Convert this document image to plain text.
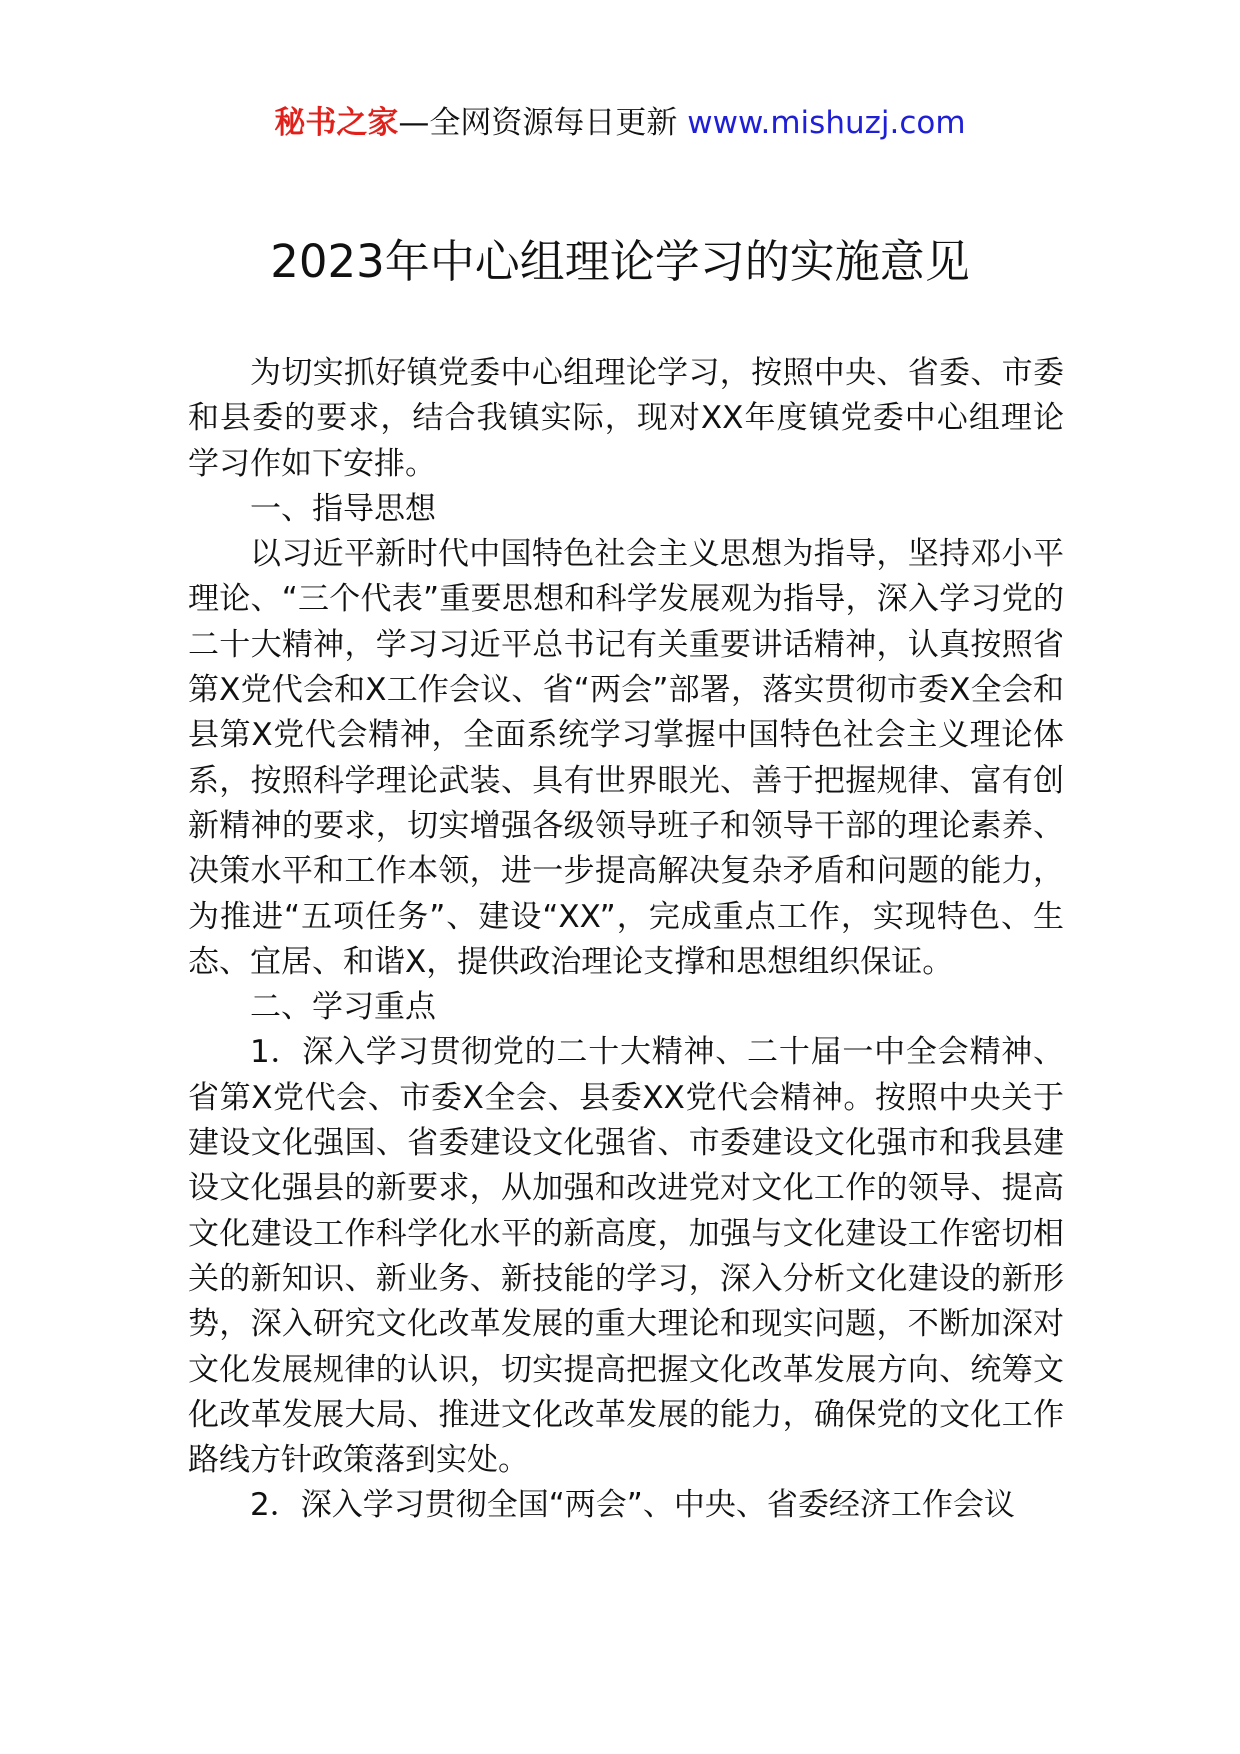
秘书之家—全网资源每日更新 www.mishuzj.com
2023年中心组理论学习的实施意见

为切实抓好镇党委中心组理论学习，按照中央、省委、市委和县委的要求，结合我镇实际，现对XX年度镇党委中心组理论学习作如下安排。

一、指导思想

以习近平新时代中国特色社会主义思想为指导，坚持邓小平理论、“三个代表”重要思想和科学发展观为指导，深入学习党的二十大精神，学习习近平总书记有关重要讲话精神，认真按照省第X党代会和X工作会议、省“两会”部署，落实贯彻市委X全会和县第X党代会精神，全面系统学习掌握中国特色社会主义理论体系，按照科学理论武装、具有世界眼光、善于把握规律、富有创新精神的要求，切实增强各级领导班子和领导干部的理论素养、决策水平和工作本领，进一步提高解决复杂矛盾和问题的能力，为推进“五项任务”、建设“XX”，完成重点工作，实现特色、生态、宜居、和谐X，提供政治理论支撑和思想组织保证。

二、学习重点

1．深入学习贯彻党的二十大精神、二十届一中全会精神、省第X党代会、市委X全会、县委XX党代会精神。按照中央关于建设文化强国、省委建设文化强省、市委建设文化强市和我县建设文化强县的新要求，从加强和改进党对文化工作的领导、提高文化建设工作科学化水平的新高度，加强与文化建设工作密切相关的新知识、新业务、新技能的学习，深入分析文化建设的新形势，深入研究文化改革发展的重大理论和现实问题，不断加深对文化发展规律的认识，切实提高把握文化改革发展方向、统筹文化改革发展大局、推进文化改革发展的能力，确保党的文化工作路线方针政策落到实处。

2．深入学习贯彻全国“两会”、中央、省委经济工作会议
